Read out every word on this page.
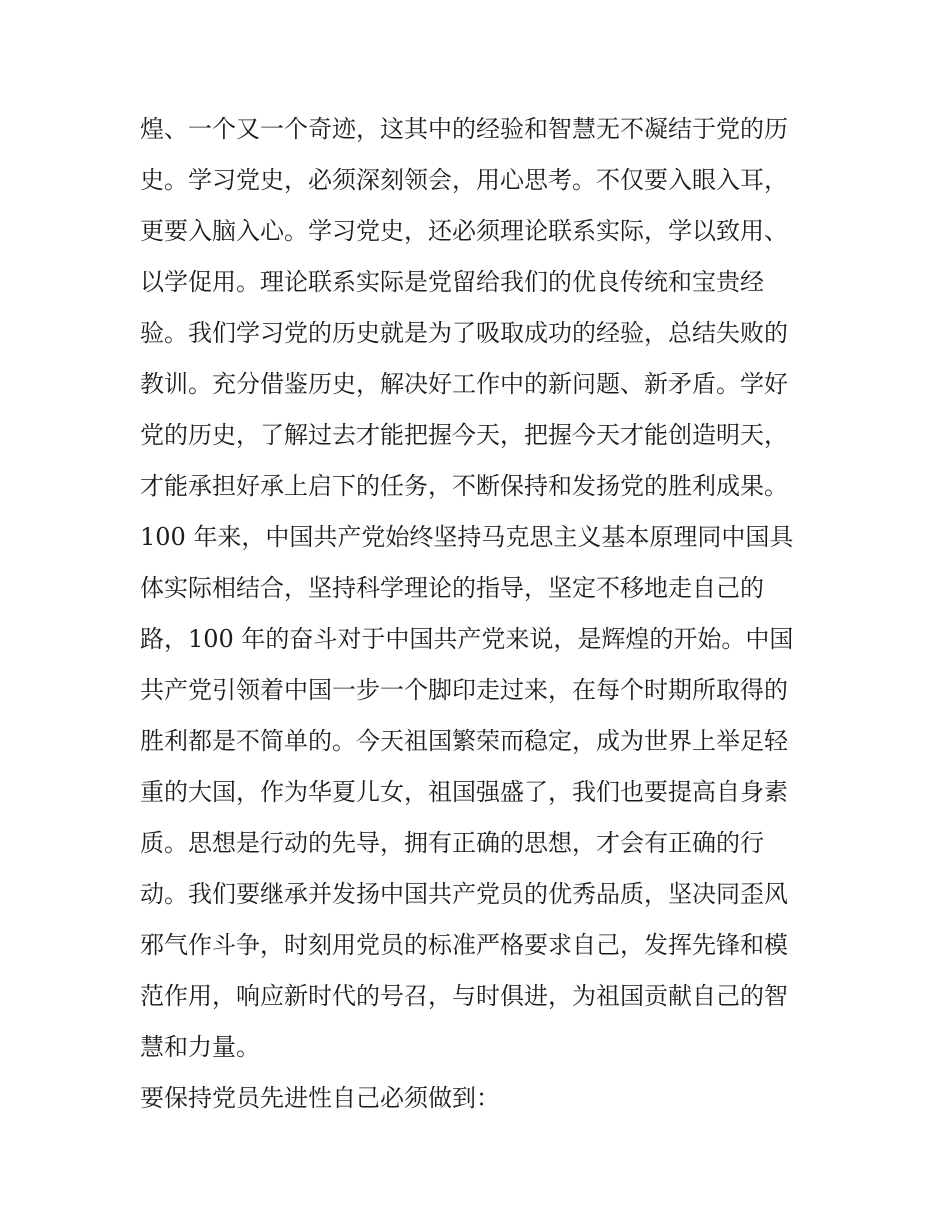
煌、一个又一个奇迹，这其中的经验和智慧无不凝结于党的历
史。学习党史，必须深刻领会，用心思考。不仅要入眼入耳，
更要入脑入心。学习党史，还必须理论联系实际，学以致用、
以学促用。理论联系实际是党留给我们的优良传统和宝贵经
验。我们学习党的历史就是为了吸取成功的经验，总结失败的
教训。充分借鉴历史，解决好工作中的新问题、新矛盾。学好
党的历史，了解过去才能把握今天，把握今天才能创造明天，
才能承担好承上启下的任务，不断保持和发扬党的胜利成果。
100 年来，中国共产党始终坚持马克思主义基本原理同中国具
体实际相结合，坚持科学理论的指导，坚定不移地走自己的
路，100 年的奋斗对于中国共产党来说，是辉煌的开始。中国
共产党引领着中国一步一个脚印走过来，在每个时期所取得的
胜利都是不简单的。今天祖国繁荣而稳定，成为世界上举足轻
重的大国，作为华夏儿女，祖国强盛了，我们也要提高自身素
质。思想是行动的先导，拥有正确的思想，才会有正确的行
动。我们要继承并发扬中国共产党员的优秀品质，坚决同歪风
邪气作斗争，时刻用党员的标准严格要求自己，发挥先锋和模
范作用，响应新时代的号召，与时俱进，为祖国贡献自己的智
慧和力量。
要保持党员先进性自己必须做到：
